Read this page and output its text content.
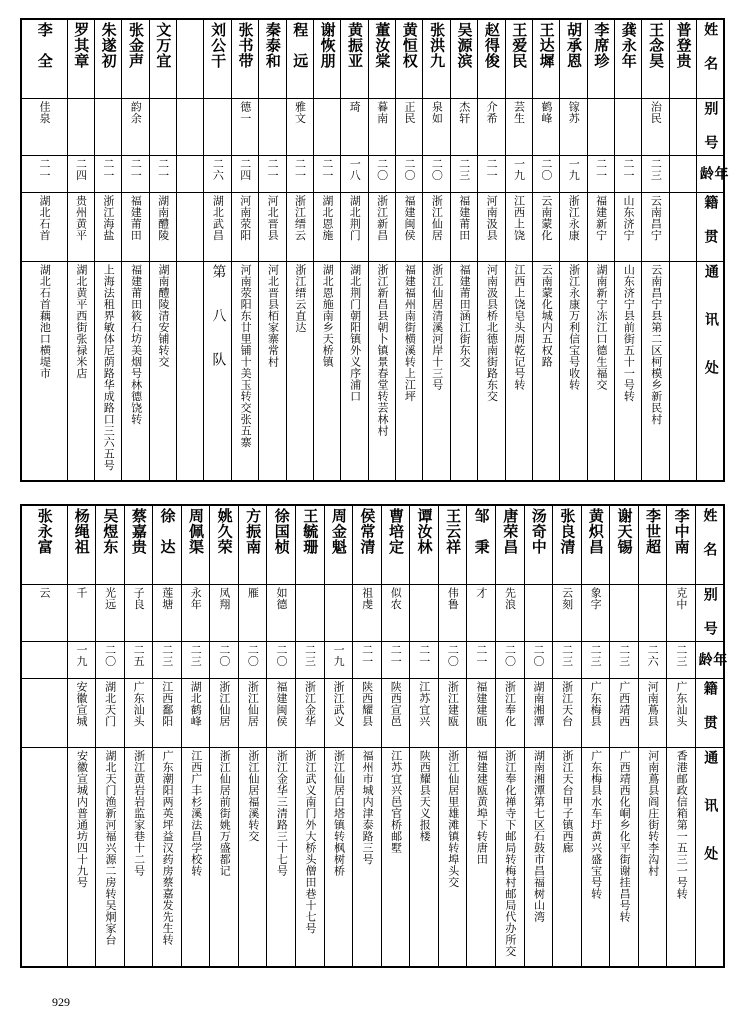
李　全	罗其章	朱遂初	张金声	文万宜		刘公干	张书带	秦泰和	程　远	谢恢朋	黄振亚	董汝棠	黄恒权	张洪九	吴源滨	赵得俊	王爱民	王达墀	胡承恩	李席珍	龚永年	王念昊	普登贵	姓　名

佳泉			韵余				德一		雅文		琦	暮南	正民	泉如	杰轩	介希	芸生	鹤峰	镓苏			治民		别　号

二一	二四	二一	二一	二一		二六	二四	二一	二一	二一	一八	二〇	二〇	二〇	二三	二一	一九	二〇	一九	二一	二一	二三		年　龄

湖北石首	贵州黄平	浙江海盐	福建莆田	湖南醴陵		湖北武昌	河南荥阳	河北晋县	浙江缙云	湖北恩施	湖北荆门	浙江新昌	福建闽侯	浙江仙居	福建莆田	河南汲县	江西上饶	云南蒙化	浙江永康	福建新宁	山东济宁	云南昌宁		籍　贯

湖北石首藕池口横堤市	湖北黄平西街张禄米店	上海法租界敏体尼荫路华成路口三六五号	福建莆田筱石坊美烟号林德饶转	湖南醴陵清安铺转交		第　八　队	河南荥阳东廿里铺十美玉转交张五寨	河北晋县栢家寨常村	浙江缙云直达	湖北恩施南乡天桥镇	湖北荆门朝阳镇外义序浦口	浙江新昌县朝卜镇景春堂转芸林村	福建福州南街横溪转上江坪	浙江仙居清溪河岸十三号	福建莆田涵江街东交	河南汲县桥北德南街路东交	江西上饶皂头周乾记号转	云南蒙化城内五权路	浙江永康万利信宝号收转	湖南新宁冻江口德生福交	山东济宁县前街五十一号转	云南昌宁县第二区柯模乡新民村		通　讯　处
张永富	杨绳祖	吴煜东	蔡嘉贵	徐　达	周佩渠	姚久荣	方振南	徐国桢	王毓珊	周金魁	侯常清	曹培定	谭汝林	王云祥	邹　秉	唐荣昌	汤奇中	张良清	黄炽昌	谢天锡	李世超	李中南	姓　名

云	千	光远	子良	莲塘	永年	凤翔	雁	如德			祖虔	似农		伟鲁	才	先浪		云刻	象字			克中	别　号

	一九	二〇	二五	二三	二三	二〇	二〇	二〇	二三	一九	二一	二一	二一	二〇	二一	二〇	二〇	二三	二三	二三	二六	二三	年　龄

	安徽宣城	湖北天门	广东汕头	江西鄱阳	湖北鹤峰	浙江仙居	浙江仙居	福建闽侯	浙江金华	浙江武义	陕西耀县	陕西宣邑	江苏宜兴	浙江建瓯	福建建瓯	浙江奉化	湖南湘潭	浙江天台	广东梅县	广西靖西	河南蔦县	广东汕头	籍　贯

	安徽宣城内普通坊四十九号	湖北天门渔新河福兴源二房转吴炯家台	浙江黄岩岩监家巷十二号	广东潮阳两英坪益汉药房蔡嘉发先生转	江西广丰杉溪法昌学校转	浙江仙居前街姚万盛都记	浙江仙居福溪转交	浙江金华三清路三十七号	浙江武义南门外大桥头僧田巷十七号	浙江仙居白塔镇转枫树桥	福州市城内津泰路三号	江苏宜兴邑官桥邮墅	陕西耀县天义报楼	浙江仙居里雄滩镇转埠头交	福建建瓯黄埠下转唐田	浙江奉化禅寺下邮局转梅村邮局代办所交	湖南湘潭第七区石鼓市昌福树山湾	浙江天台甲子镇西廊	广东梅县水车圩黄兴盛宝号转	广西靖西化峒乡化平街谢挂昌号转	河南蔦县阎庄街转李沟村	香港邮政信箱第一五三一号转	通　讯　处
929
